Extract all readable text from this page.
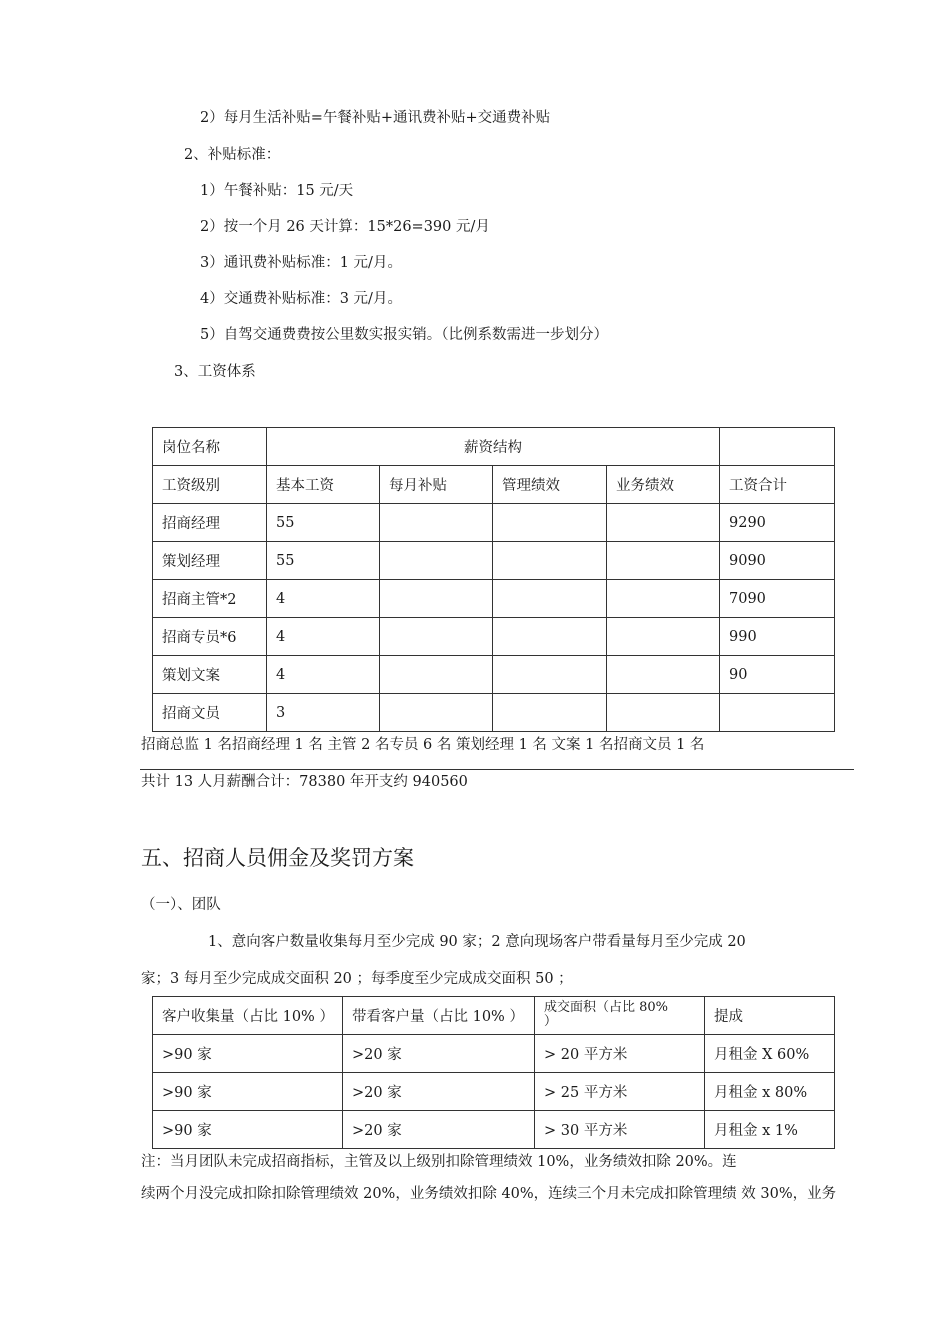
2）每月生活补贴=午餐补贴+通讯费补贴+交通费补贴
2、补贴标准：
1）午餐补贴：15 元/天
2）按一个月 26 天计算：15*26=390 元/月
3）通讯费补贴标准：1 元/月。
4）交通费补贴标准：3 元/月。
5）自驾交通费费按公里数实报实销。（比例系数需进一步划分）
3、工资体系
岗位名称	薪资结构				
工资级别	基本工资	每月补贴	管理绩效	业务绩效	工资合计
招商经理	55				9290
策划经理	55				9090
招商主管*2	4				7090
招商专员*6	4				990
策划文案	4				90
招商文员	3				
招商总监 1 名招商经理 1 名 主管 2 名专员 6 名 策划经理 1 名 文案 1 名招商文员 1 名
共计 13 人月薪酬合计：78380 年开支约 940560
五、招商人员佣金及奖罚方案
（一）、团队
1、意向客户数量收集每月至少完成 90 家；2 意向现场客户带看量每月至少完成 20
家；3 每月至少完成成交面积 20 ；每季度至少完成成交面积 50 ；
客户收集量（占比 10% ）	带看客户量（占比 10% ）	成交面积（占比 80%
）	提成
>90 家	>20 家	> 20 平方米	月租金 X 60%
>90 家	>20 家	> 25 平方米	月租金 x 80%
>90 家	>20 家	> 30 平方米	月租金 x 1%
注：当月团队未完成招商指标，主管及以上级别扣除管理绩效 10%，业务绩效扣除 20%。连
续两个月没完成扣除扣除管理绩效 20%，业务绩效扣除 40%，连续三个月未完成扣除管理绩 效 30%，业务
